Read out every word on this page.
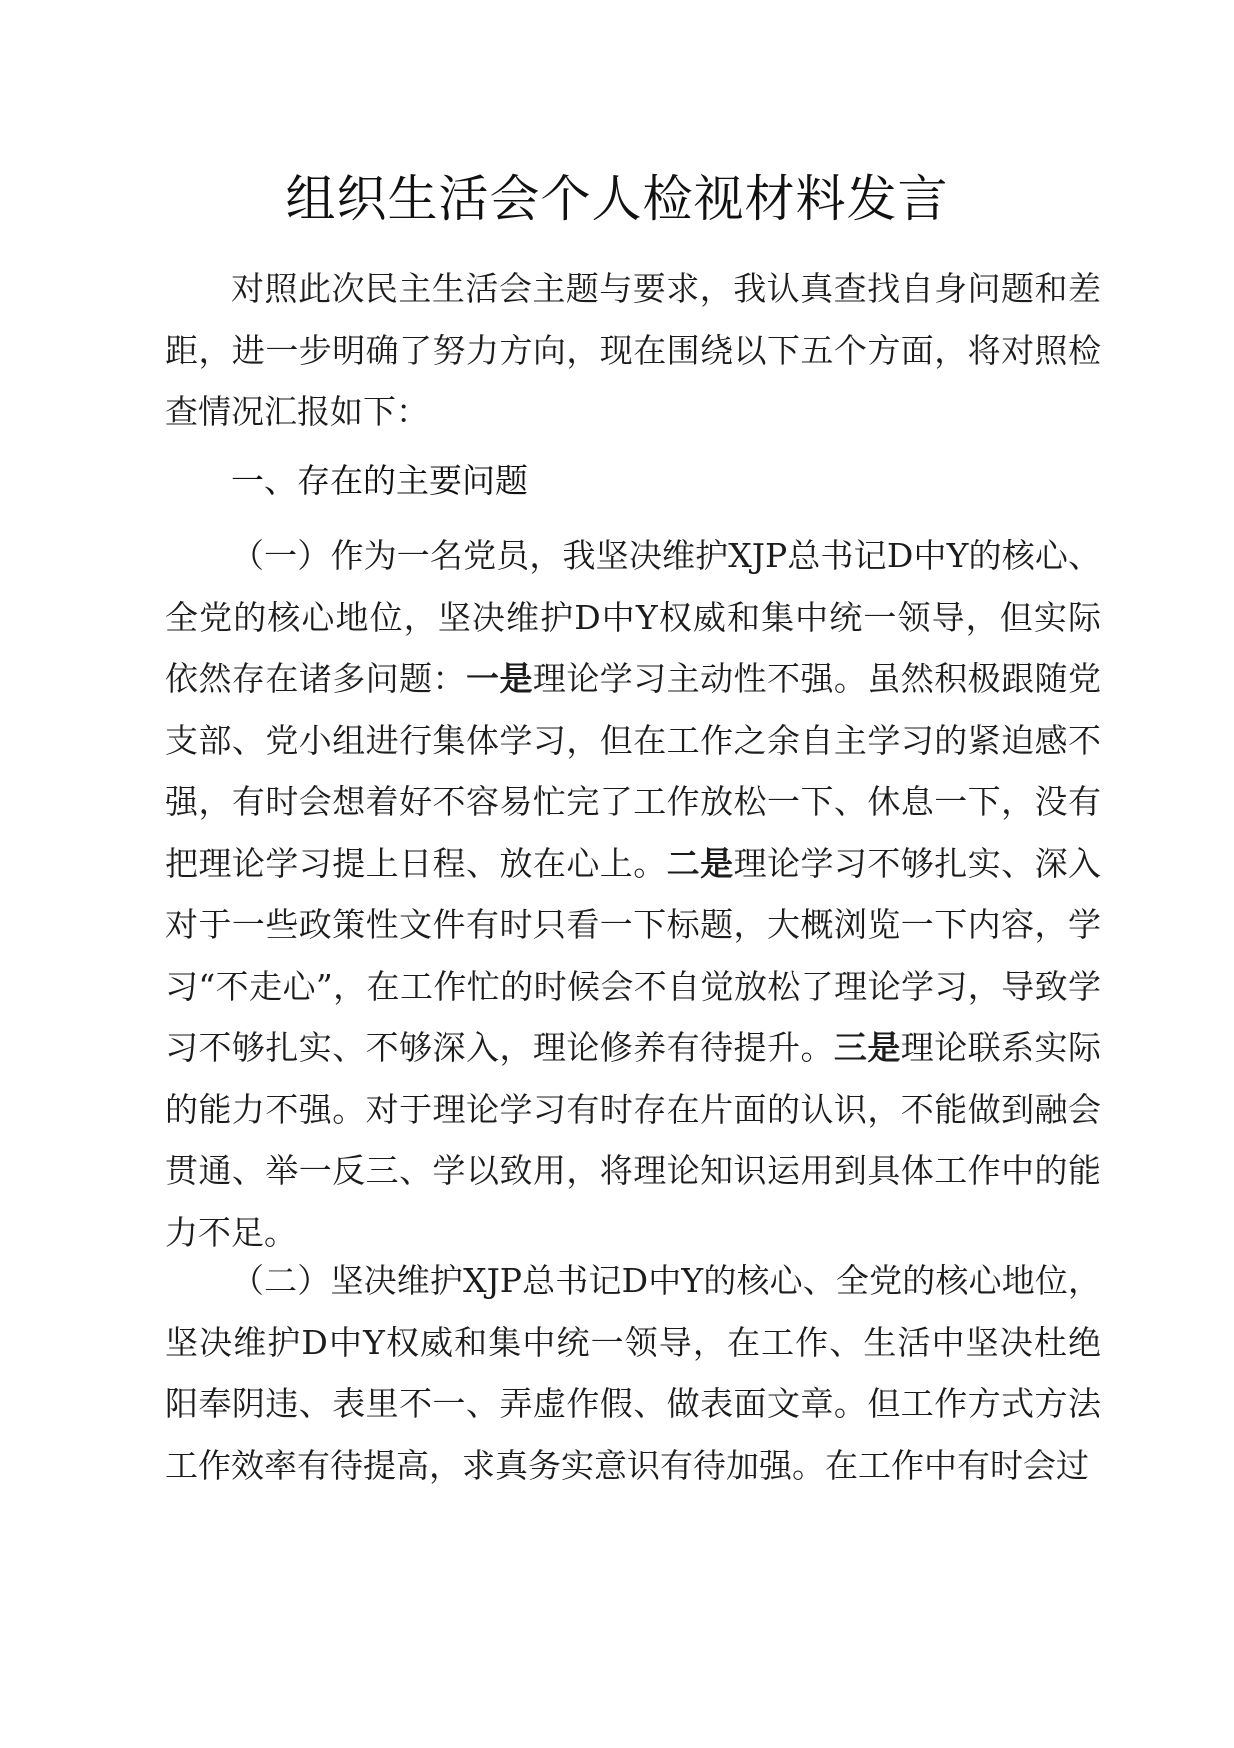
组织生活会个人检视材料发言

对照此次民主生活会主题与要求，我认真查找自身问题和差距，进一步明确了努力方向，现在围绕以下五个方面，将对照检查情况汇报如下：

一、存在的主要问题

（一）作为一名党员，我坚决维护XJP总书记D中Y的核心、全党的核心地位，坚决维护D中Y权威和集中统一领导，但实际依然存在诸多问题：一是理论学习主动性不强。虽然积极跟随党支部、党小组进行集体学习，但在工作之余自主学习的紧迫感不强，有时会想着好不容易忙完了工作放松一下、休息一下，没有把理论学习提上日程、放在心上。二是理论学习不够扎实、深入对于一些政策性文件有时只看一下标题，大概浏览一下内容，学习“不走心”，在工作忙的时候会不自觉放松了理论学习，导致学习不够扎实、不够深入，理论修养有待提升。三是理论联系实际的能力不强。对于理论学习有时存在片面的认识，不能做到融会贯通、举一反三、学以致用，将理论知识运用到具体工作中的能力不足。

（二）坚决维护XJP总书记D中Y的核心、全党的核心地位，坚决维护D中Y权威和集中统一领导，在工作、生活中坚决杜绝阳奉阴违、表里不一、弄虚作假、做表面文章。但工作方式方法工作效率有待提高，求真务实意识有待加强。在工作中有时会过
